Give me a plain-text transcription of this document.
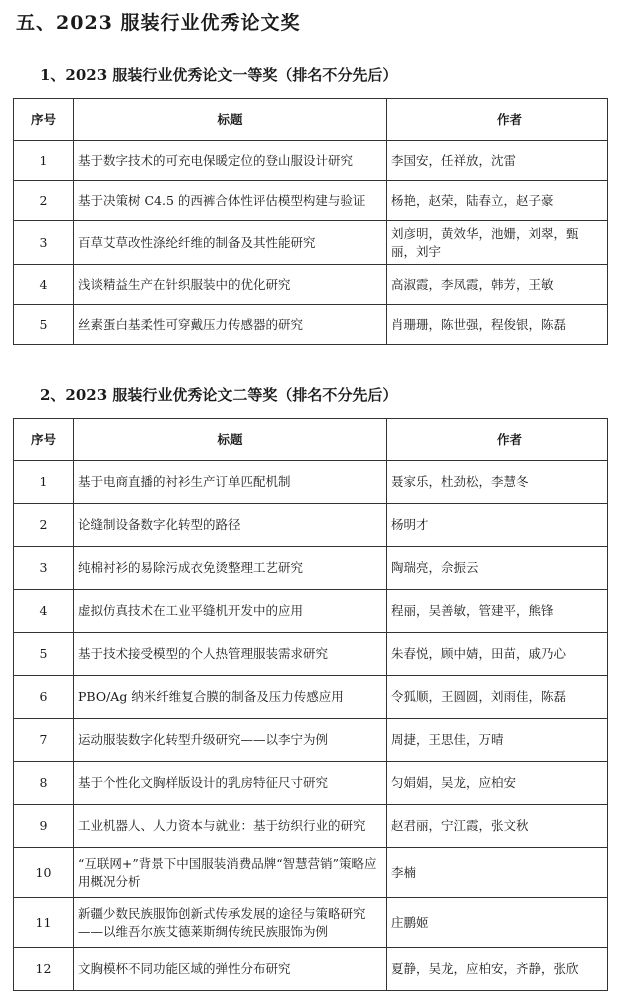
五、2023 服装行业优秀论文奖
1、2023 服装行业优秀论文一等奖（排名不分先后）
序号	标题	作者
1	基于数字技术的可充电保暖定位的登山服设计研究	李国安，任祥放，沈雷
2	基于决策树 C4.5 的西裤合体性评估模型构建与验证	杨艳，赵荣，陆春立，赵子豪
3	百草艾草改性涤纶纤维的制备及其性能研究	刘彦明，黄效华，池姗，刘翠，甄丽，刘宇
4	浅谈精益生产在针织服装中的优化研究	高淑霞，李凤霞，韩芳，王敏
5	丝素蛋白基柔性可穿戴压力传感器的研究	肖珊珊，陈世强，程俊银，陈磊
2、2023 服装行业优秀论文二等奖（排名不分先后）
序号	标题	作者
1	基于电商直播的衬衫生产订单匹配机制	聂家乐，杜劲松，李慧冬
2	论缝制设备数字化转型的路径	杨明才
3	纯棉衬衫的易除污成衣免烫整理工艺研究	陶瑞亮，佘振云
4	虚拟仿真技术在工业平缝机开发中的应用	程丽，吴善敏，管建平，熊锋
5	基于技术接受模型的个人热管理服装需求研究	朱春悦，顾中婧，田苗，戚乃心
6	PBO/Ag 纳米纤维复合膜的制备及压力传感应用	令狐顺，王圆圆，刘雨佳，陈磊
7	运动服装数字化转型升级研究——以李宁为例	周捷，王思佳，万晴
8	基于个性化文胸样版设计的乳房特征尺寸研究	匀娟娟，吴龙，应柏安
9	工业机器人、人力资本与就业：基于纺织行业的研究	赵君丽，宁江霞，张文秋
10	“互联网+”背景下中国服装消费品牌“智慧营销”策略应用概况分析	李楠
11	新疆少数民族服饰创新式传承发展的途径与策略研究——以维吾尔族艾德莱斯绸传统民族服饰为例	庄鹏姬
12	文胸模杯不同功能区域的弹性分布研究	夏静，吴龙，应柏安，齐静，张欣
